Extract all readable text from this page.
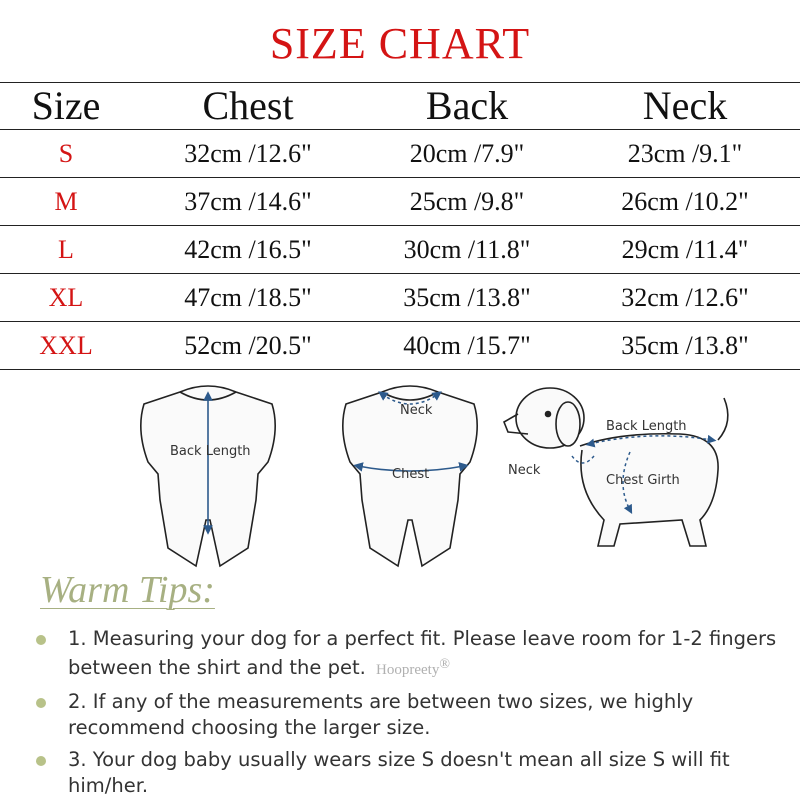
SIZE CHART
Size	Chest	Back	Neck
S	32cm /12.6"	20cm /7.9"	23cm /9.1"
M	37cm /14.6"	25cm /9.8"	26cm /10.2"
L	42cm /16.5"	30cm /11.8"	29cm /11.4"
XL	47cm /18.5"	35cm /13.8"	32cm /12.6"
XXL	52cm /20.5"	40cm /15.7"	35cm /13.8"
Back Length
Neck
Chest
Back Length
Neck
Chest Girth
Warm Tips:
1. Measuring your dog for a perfect fit. Please leave room for 1-2 fingers between the shirt and the pet. Hoopreety®
2. If any of the measurements are between two sizes, we highly recommend choosing the larger size.
3. Your dog baby usually wears size S doesn't mean all size S will fit him/her.
